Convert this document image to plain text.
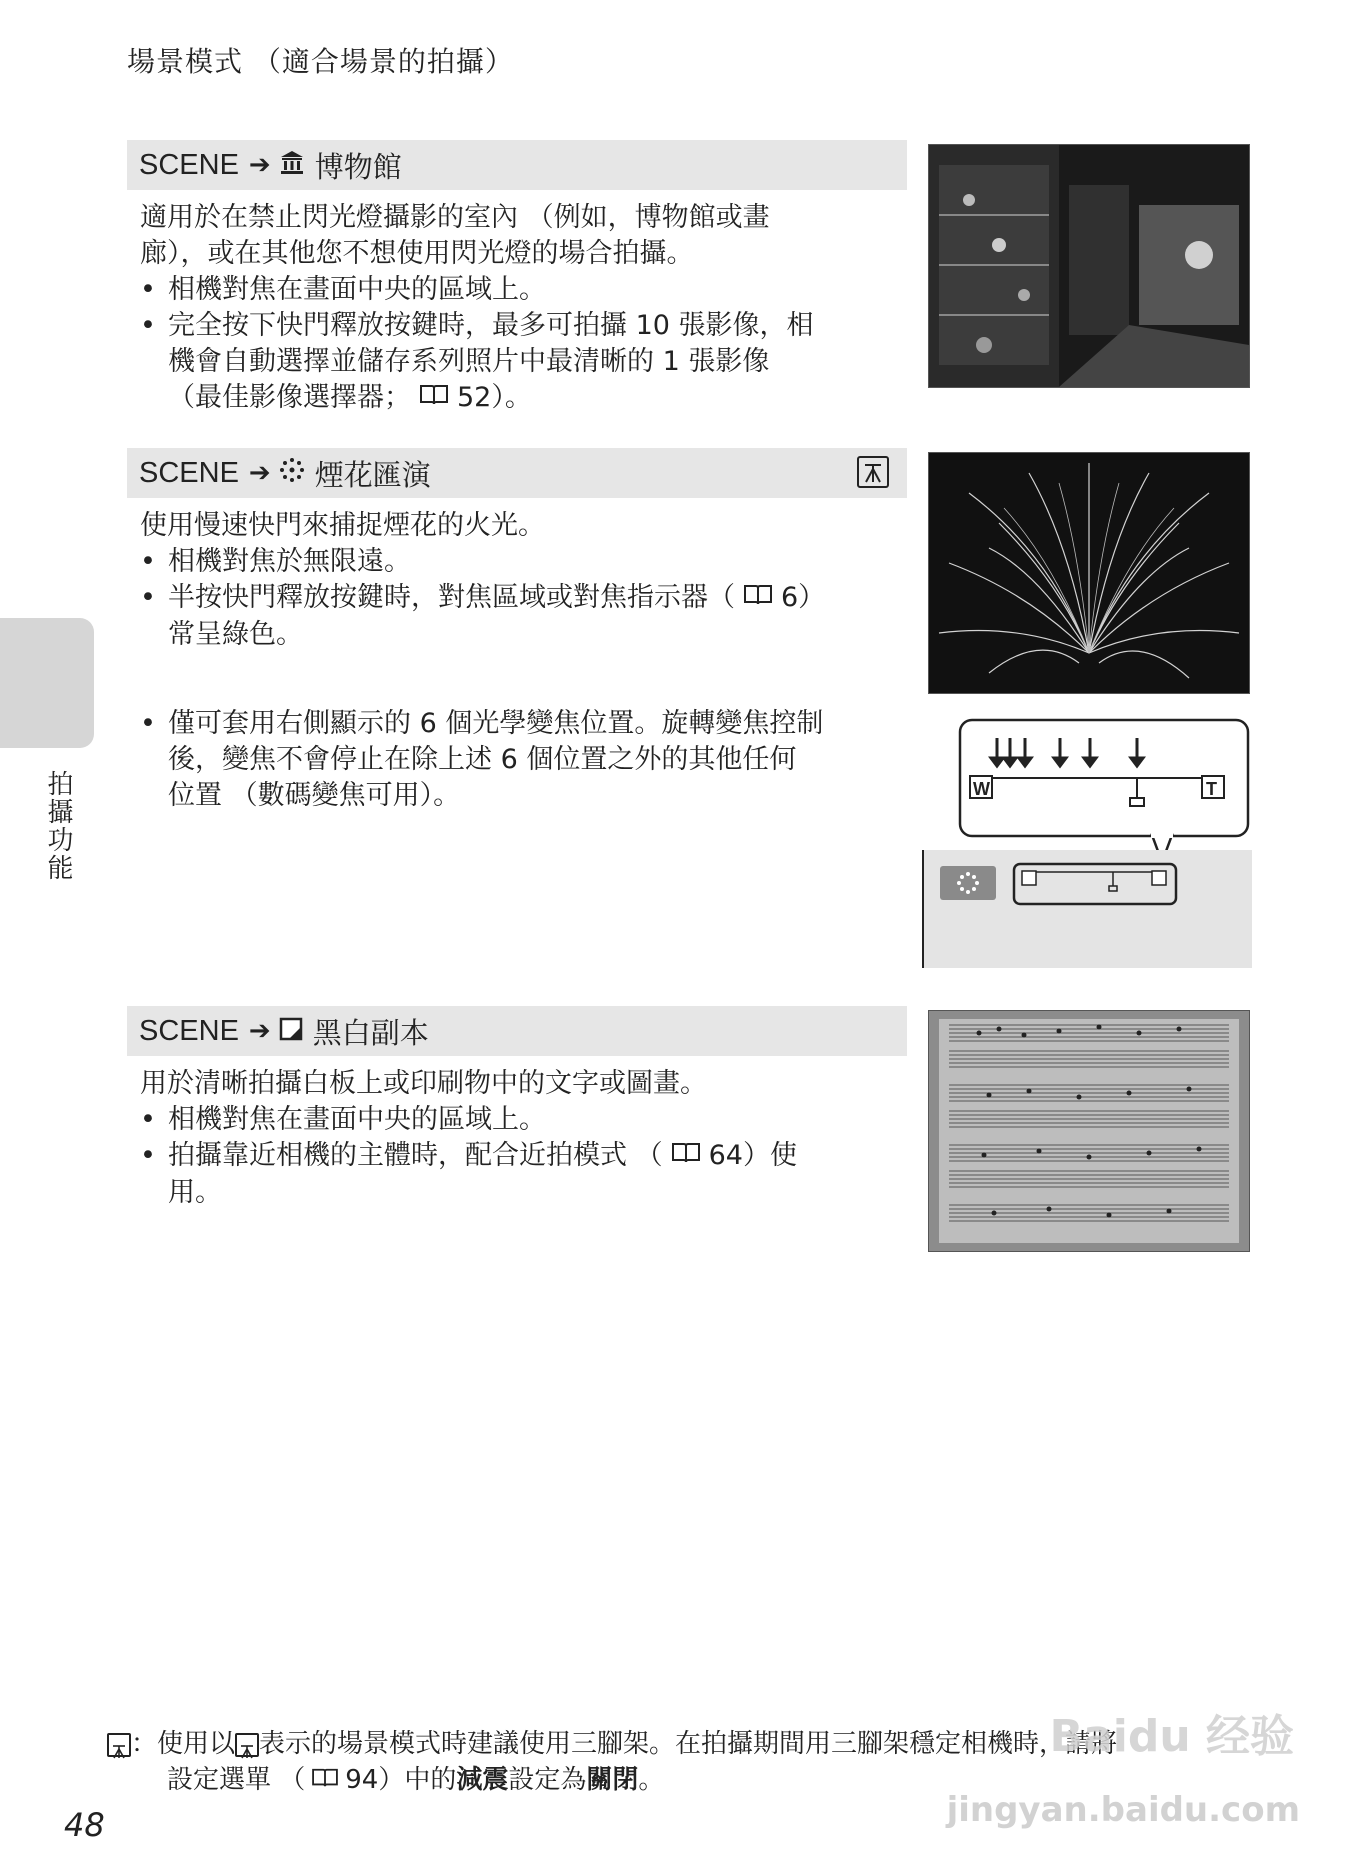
場景模式 （適合場景的拍攝）
SCENE ➔ 博物館
適用於在禁止閃光燈攝影的室內 （例如，博物館或畫
廊），或在其他您不想使用閃光燈的場合拍攝。
• 相機對焦在畫面中央的區域上。
• 完全按下快門釋放按鍵時，最多可拍攝 10 張影像，相
機會自動選擇並儲存系列照片中最清晰的 1 張影像
（最佳影像選擇器； 52）。
SCENE ➔ 煙花匯演
使用慢速快門來捕捉煙花的火光。
• 相機對焦於無限遠。
• 半按快門釋放按鍵時，對焦區域或對焦指示器（ 6）
常呈綠色。
• 僅可套用右側顯示的 6 個光學變焦位置。旋轉變焦控制
後，變焦不會停止在除上述 6 個位置之外的其他任何
位置 （數碼變焦可用）。	W	T
SCENE ➔ 黑白副本
用於清晰拍攝白板上或印刷物中的文字或圖畫。
• 相機對焦在畫面中央的區域上。
• 拍攝靠近相機的主體時，配合近拍模式 （ 64）使
用。
拍攝功能
：使用以 表示的場景模式時建議使用三腳架。在拍攝期間用三腳架穩定相機時，請將
設定選單 （ 94）中的減震設定為關閉。
48
Baidu 经验
jingyan.baidu.com
